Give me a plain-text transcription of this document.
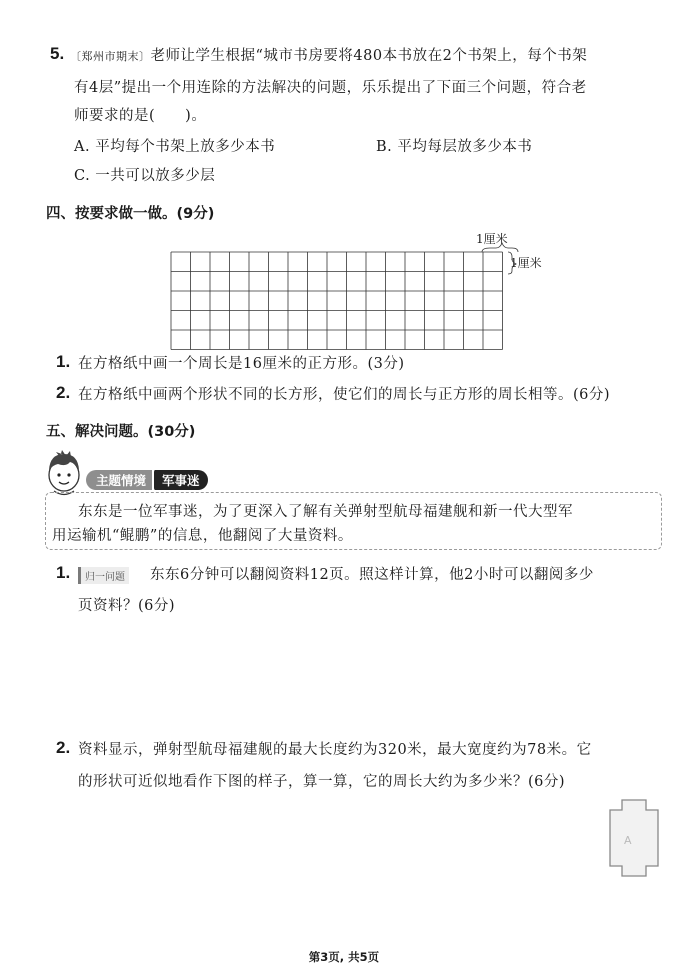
5. 〔郑州市期末〕老师让学生根据“城市书房要将480本书放在2个书架上，每个书架
有4层”提出一个用连除的方法解决的问题，乐乐提出了下面三个问题，符合老
师要求的是(　　)。
A. 平均每个书架上放多少本书	B. 平均每层放多少本书
C. 一共可以放多少层
四、按要求做一做。(9分)
1厘米
1厘米
1. 在方格纸中画一个周长是16厘米的正方形。(3分)
2. 在方格纸中画两个形状不同的长方形，使它们的周长与正方形的周长相等。(6分)
五、解决问题。(30分)
主题情境	军事迷
东东是一位军事迷，为了更深入了解有关弹射型航母福建舰和新一代大型军
用运输机“鲲鹏”的信息，他翻阅了大量资料。
1.	归一问题 东东6分钟可以翻阅资料12页。照这样计算，他2小时可以翻阅多少
页资料？(6分)
2. 资料显示，弹射型航母福建舰的最大长度约为320米，最大宽度约为78米。它
的形状可近似地看作下图的样子，算一算，它的周长大约为多少米？(6分)
A
第3页, 共5页
